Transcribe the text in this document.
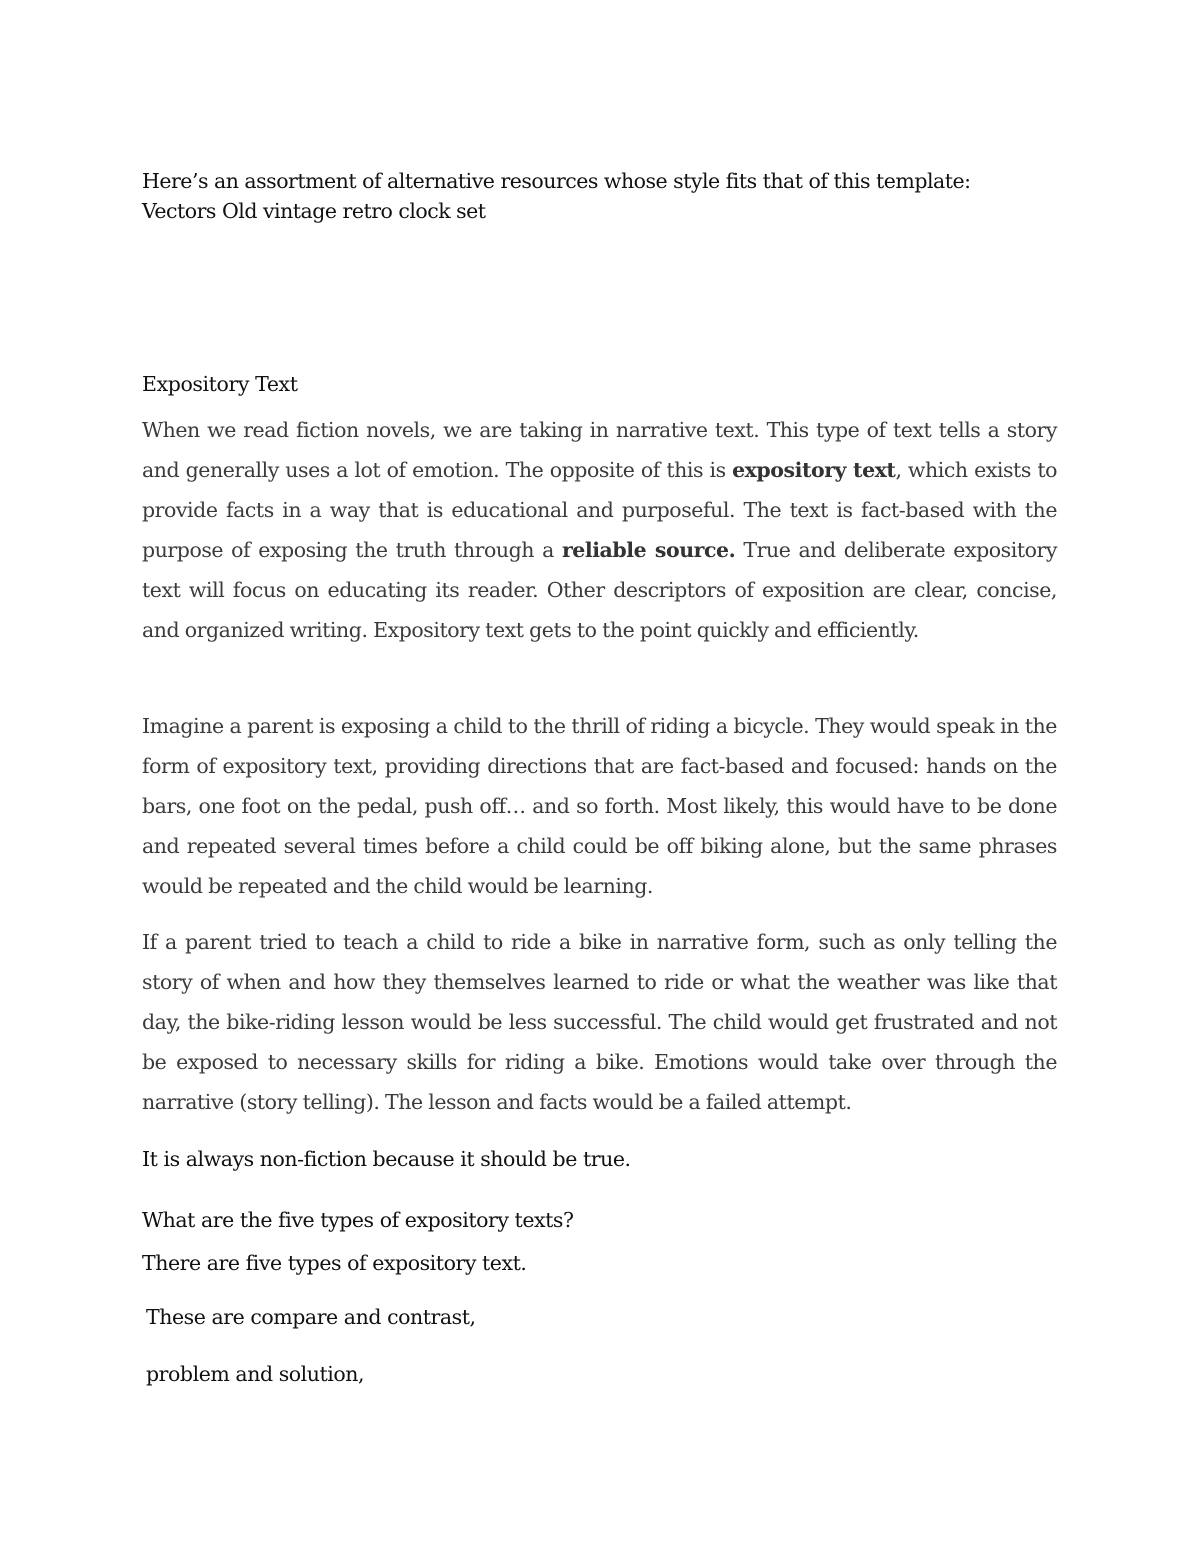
Here’s an assortment of alternative resources whose style fits that of this template:
Vectors Old vintage retro clock set
Expository Text

When we read fiction novels, we are taking in narrative text. This type of text tells a story and generally uses a lot of emotion. The opposite of this is expository text, which exists to provide facts in a way that is educational and purposeful. The text is fact-based with the purpose of exposing the truth through a reliable source. True and deliberate expository text will focus on educating its reader. Other descriptors of exposition are clear, concise, and organized writing. Expository text gets to the point quickly and efficiently.

Imagine a parent is exposing a child to the thrill of riding a bicycle. They would speak in the form of expository text, providing directions that are fact-based and focused: hands on the bars, one foot on the pedal, push off… and so forth. Most likely, this would have to be done and repeated several times before a child could be off biking alone, but the same phrases would be repeated and the child would be learning.

If a parent tried to teach a child to ride a bike in narrative form, such as only telling the story of when and how they themselves learned to ride or what the weather was like that day, the bike-riding lesson would be less successful. The child would get frustrated and not be exposed to necessary skills for riding a bike. Emotions would take over through the narrative (story telling). The lesson and facts would be a failed attempt.

It is always non-fiction because it should be true.
What are the five types of expository texts?
There are five types of expository text.
These are compare and contrast,
problem and solution,
